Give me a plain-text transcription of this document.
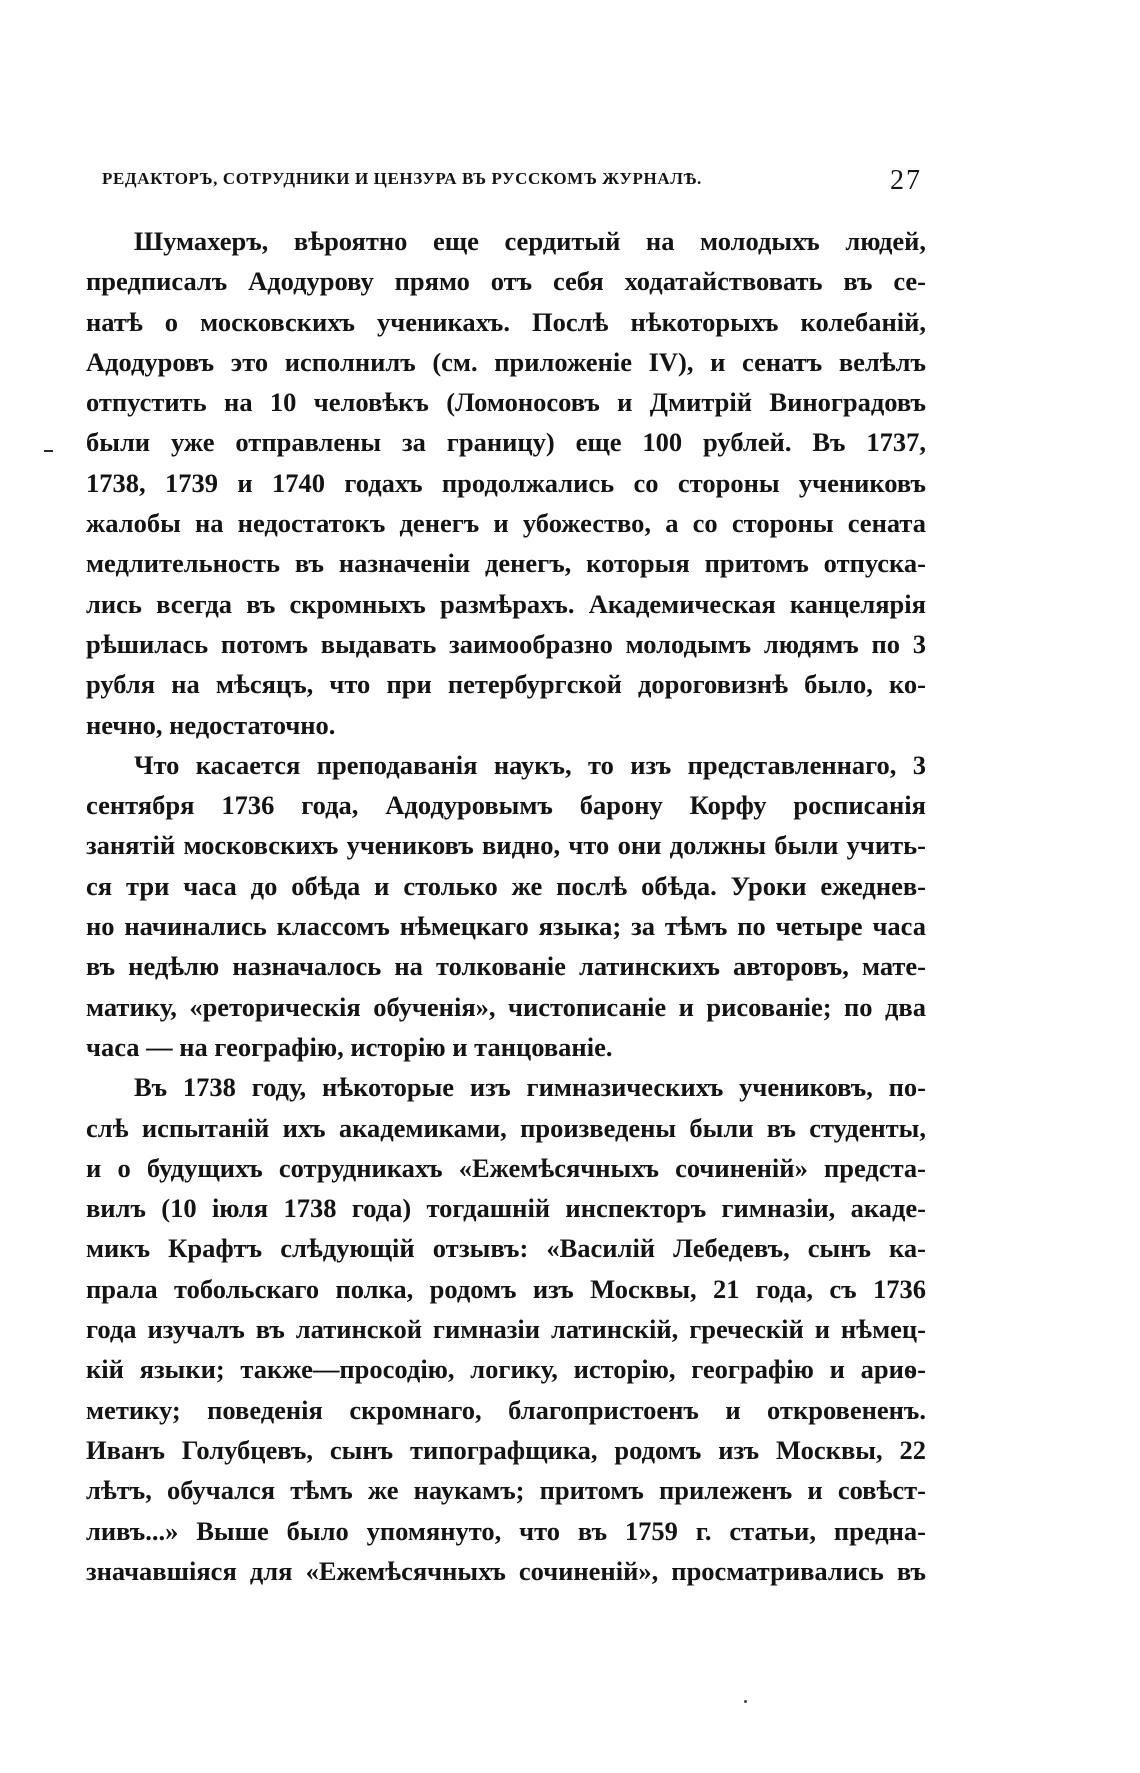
РЕДАКТОРЪ, СОТРУДНИКИ И ЦЕНЗУРА ВЪ РУССКОМЪ ЖУРНАЛѢ.	27
Шумахеръ, вѣроятно еще сердитый на молодыхъ людей,
предписалъ Адодурову прямо отъ себя ходатайствовать въ се-
натѣ о московскихъ ученикахъ. Послѣ нѣкоторыхъ колебаній,
Адодуровъ это исполнилъ (см. приложеніе IV), и сенатъ велѣлъ
отпустить на 10 человѣкъ (Ломоносовъ и Дмитрій Виноградовъ
были уже отправлены за границу) еще 100 рублей. Въ 1737,
1738, 1739 и 1740 годахъ продолжались со стороны учениковъ
жалобы на недостатокъ денегъ и убожество, а со стороны сената
медлительность въ назначеніи денегъ, которыя притомъ отпуска-
лись всегда въ скромныхъ размѣрахъ. Академическая канцелярія
рѣшилась потомъ выдавать заимообразно молодымъ людямъ по 3
рубля на мѣсяцъ, что при петербургской дороговизнѣ было, ко-
нечно, недостаточно.
Что касается преподаванія наукъ, то изъ представленнаго, 3
сентября 1736 года, Адодуровымъ барону Корфу росписанія
занятій московскихъ учениковъ видно, что они должны были учить-
ся три часа до обѣда и столько же послѣ обѣда. Уроки ежеднев-
но начинались классомъ нѣмецкаго языка; за тѣмъ по четыре часа
въ недѣлю назначалось на толкованіе латинскихъ авторовъ, мате-
матику, «реторическія обученія», чистописаніе и рисованіе; по два
часа — на географію, исторію и танцованіе.
Въ 1738 году, нѣкоторые изъ гимназическихъ учениковъ, по-
слѣ испытаній ихъ академиками, произведены были въ студенты,
и о будущихъ сотрудникахъ «Ежемѣсячныхъ сочиненій» предста-
вилъ (10 іюля 1738 года) тогдашній инспекторъ гимназіи, акаде-
микъ Крафтъ слѣдующій отзывъ: «Василій Лебедевъ, сынъ ка-
прала тобольскаго полка, родомъ изъ Москвы, 21 года, съ 1736
года изучалъ въ латинской гимназіи латинскій, греческій и нѣмец-
кій языки; также—просодію, логику, исторію, географію и ариѳ-
метику; поведенія скромнаго, благопристоенъ и откровененъ.
Иванъ Голубцевъ, сынъ типографщика, родомъ изъ Москвы, 22
лѣтъ, обучался тѣмъ же наукамъ; притомъ прилеженъ и совѣст-
ливъ...» Выше было упомянуто, что въ 1759 г. статьи, предна-
значавшіяся для «Ежемѣсячныхъ сочиненій», просматривались въ
